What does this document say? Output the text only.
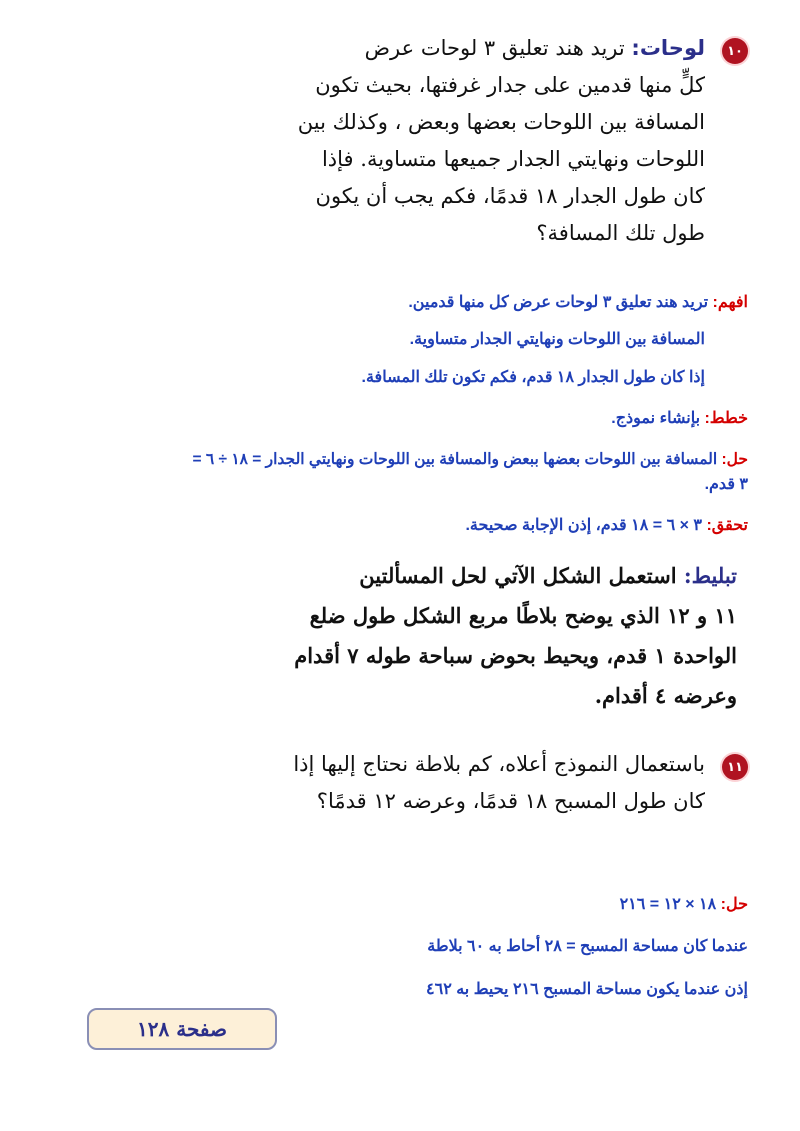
١٠
لوحات: تريد هند تعليق ٣ لوحات عرض
كلٍّ منها قدمين على جدار غرفتها، بحيث تكون
المسافة بين اللوحات بعضها وبعض ، وكذلك بين
اللوحات ونهايتي الجدار جميعها متساوية. فإذا
كان طول الجدار ١٨ قدمًا، فكم يجب أن يكون
طول تلك المسافة؟
افهم: تريد هند تعليق ٣ لوحات عرض كل منها قدمين.
المسافة بين اللوحات ونهايتي الجدار متساوية.
إذا كان طول الجدار ١٨ قدم، فكم تكون تلك المسافة.
خطط: بإنشاء نموذج.
حل: المسافة بين اللوحات بعضها ببعض والمسافة بين اللوحات ونهايتي الجدار = ١٨ ÷ ٦ =
٣ قدم.
تحقق: ٣ × ٦ = ١٨ قدم، إذن الإجابة صحيحة.
تبليط: استعمل الشكل الآتي لحل المسألتين
١١ و ١٢ الذي يوضح بلاطًا مربع الشكل طول ضلع
الواحدة ١ قدم، ويحيط بحوض سباحة طوله ٧ أقدام
وعرضه ٤ أقدام.
١١
باستعمال النموذج أعلاه، كم بلاطة نحتاج إليها إذا
كان طول المسبح ١٨ قدمًا، وعرضه ١٢ قدمًا؟
حل: ١٨ × ١٢ = ٢١٦
عندما كان مساحة المسبح = ٢٨ أحاط به ٦٠ بلاطة
إذن عندما يكون مساحة المسبح ٢١٦ يحيط به ٤٦٢
صفحة ١٢٨
